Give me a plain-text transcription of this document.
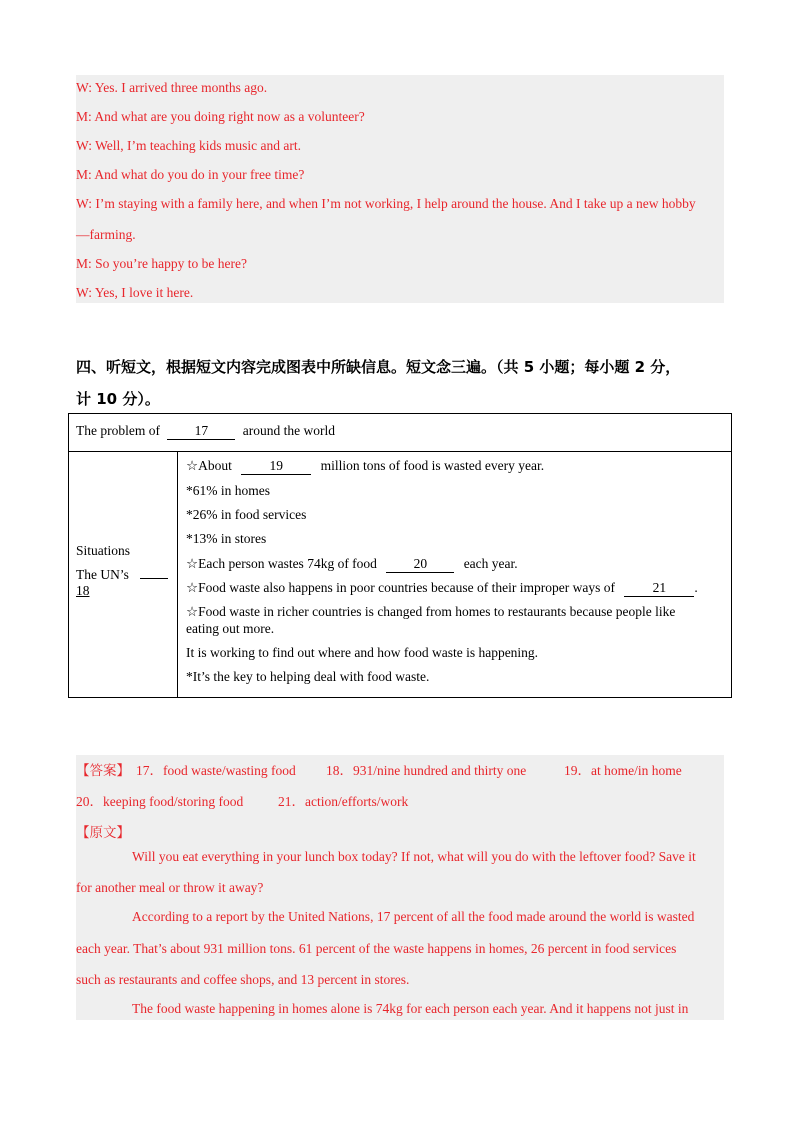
W: Yes. I arrived three months ago.
M: And what are you doing right now as a volunteer?
W: Well, I’m teaching kids music and art.
M: And what do you do in your free time?
W: I’m staying with a family here, and when I’m not working, I help around the house. And I take up a new hobby
—farming.
M: So you’re happy to be here?
W: Yes, I love it here.
四、听短文，根据短文内容完成图表中所缺信息。短文念三遍。（共 5 小题；每小题 2 分，
计 10 分）。
The problem of	17	around the world

Situations
The UN’s
18

☆About	19	million tons of food is wasted every year.
*61% in homes
*26% in food services
*13% in stores
☆Each person wastes 74kg of food	20	each year.
☆Food waste also happens in poor countries because of their improper ways of	21 .
☆Food waste in richer countries is changed from homes to restaurants because people like
eating out more.
It is working to find out where and how food waste is happening.
*It’s the key to helping deal with food waste.
【答案】 17．food waste/wasting food 18．931/nine hundred and thirty one	19．at home/in home
20．keeping food/storing food	21．action/efforts/work
【原文】
Will you eat everything in your lunch box today? If not, what will you do with the leftover food? Save it
for another meal or throw it away?
According to a report by the United Nations, 17 percent of all the food made around the world is wasted
each year. That’s about 931 million tons. 61 percent of the waste happens in homes, 26 percent in food services
such as restaurants and coffee shops, and 13 percent in stores.
The food waste happening in homes alone is 74kg for each person each year. And it happens not just in
